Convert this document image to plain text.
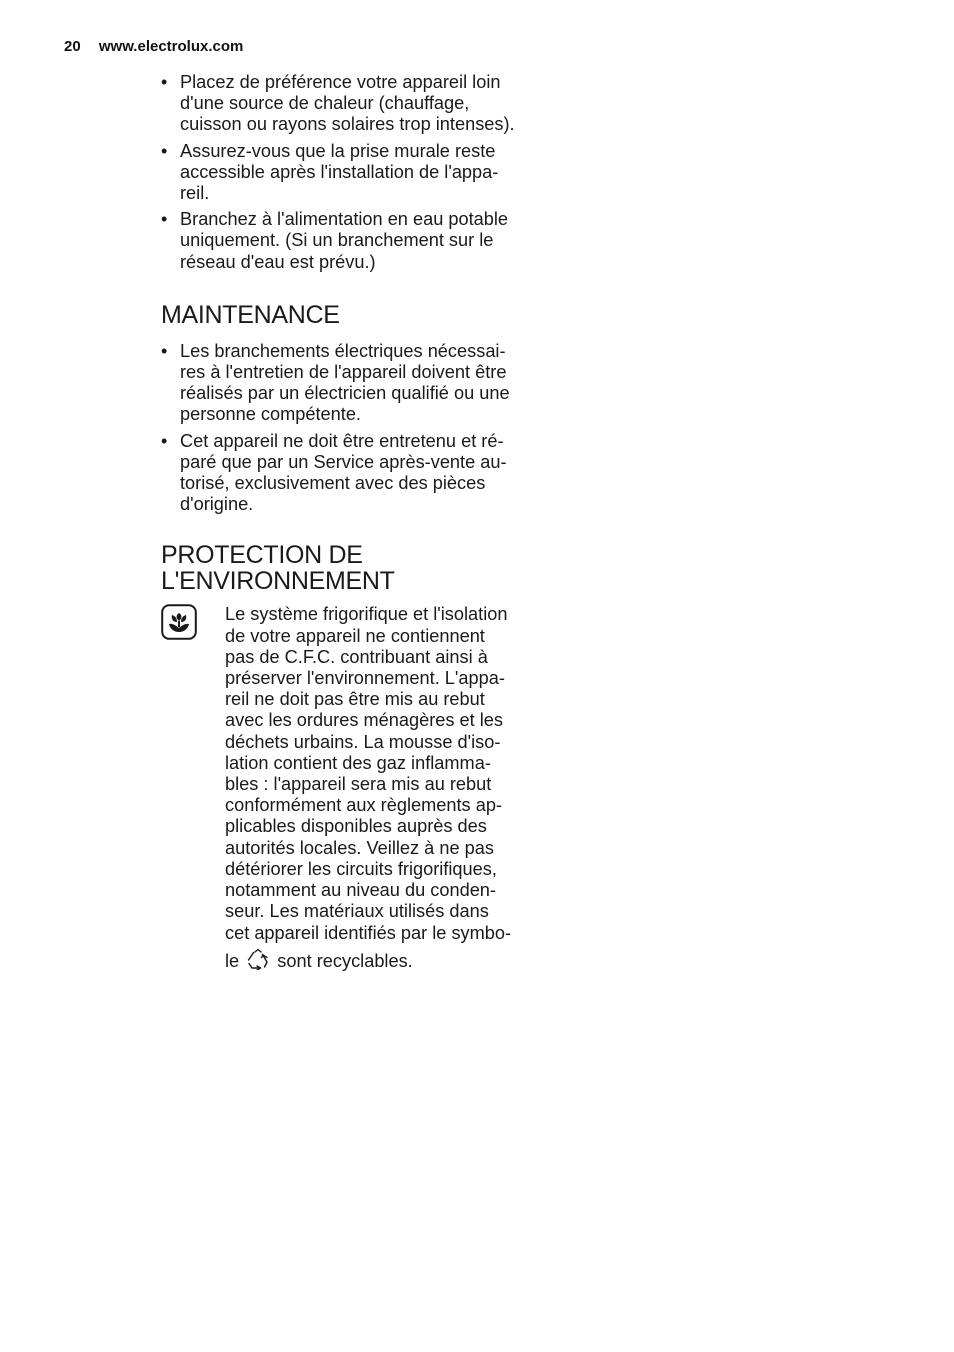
20 www.electrolux.com
• Placez de préférence votre appareil loin
d'une source de chaleur (chauffage,
cuisson ou rayons solaires trop intenses).
• Assurez-vous que la prise murale reste
accessible après l'installation de l'appa-
reil.
• Branchez à l'alimentation en eau potable
uniquement. (Si un branchement sur le
réseau d'eau est prévu.)
MAINTENANCE
• Les branchements électriques nécessai-
res à l'entretien de l'appareil doivent être
réalisés par un électricien qualifié ou une
personne compétente.
• Cet appareil ne doit être entretenu et ré-
paré que par un Service après-vente au-
torisé, exclusivement avec des pièces
d'origine.
PROTECTION DE
L'ENVIRONNEMENT
Le système frigorifique et l'isolation
de votre appareil ne contiennent
pas de C.F.C. contribuant ainsi à
préserver l'environnement. L'appa-
reil ne doit pas être mis au rebut
avec les ordures ménagères et les
déchets urbains. La mousse d'iso-
lation contient des gaz inflamma-
bles : l'appareil sera mis au rebut
conformément aux règlements ap-
plicables disponibles auprès des
autorités locales. Veillez à ne pas
détériorer les circuits frigorifiques,
notamment au niveau du conden-
seur. Les matériaux utilisés dans
cet appareil identifiés par le symbo-
le sont recyclables.
